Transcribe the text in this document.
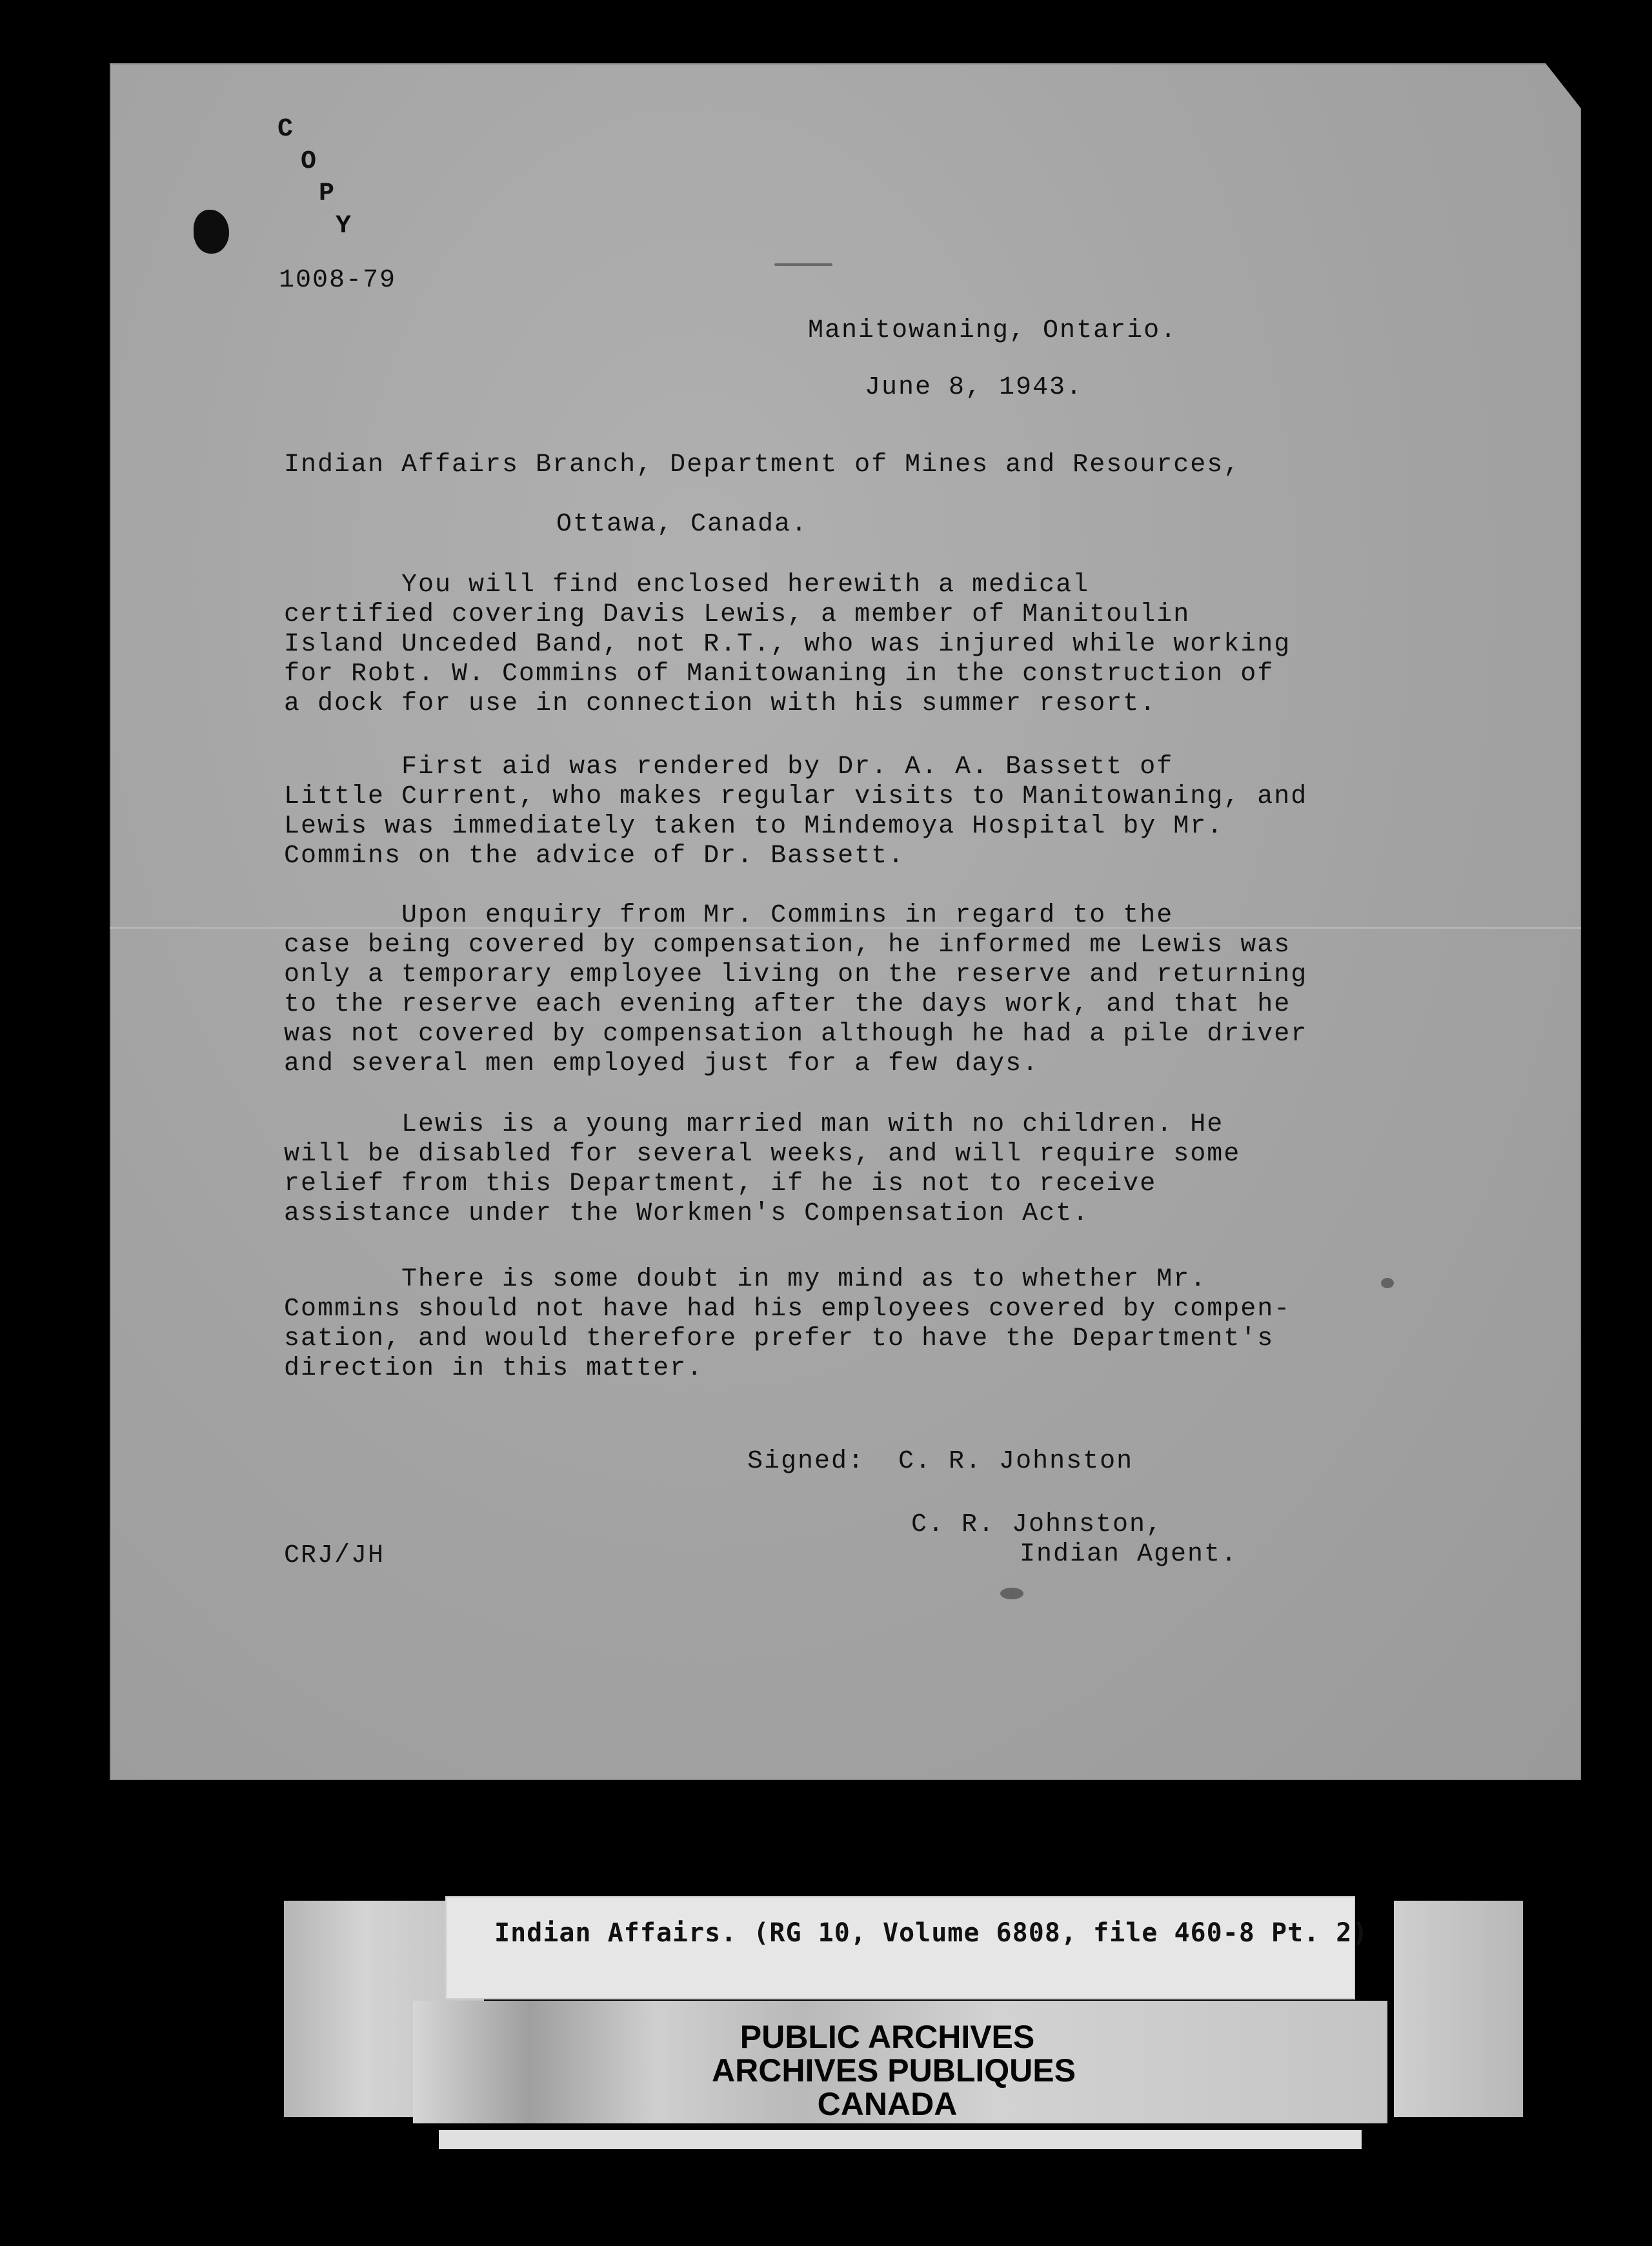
C

O

P

Y

1008-79

Manitowaning, Ontario.

June 8, 1943.

Indian Affairs Branch, Department of Mines and Resources,

Ottawa, Canada.

You will find enclosed herewith a medical

certified covering Davis Lewis, a member of Manitoulin

Island Unceded Band, not R.T., who was injured while working

for Robt. W. Commins of Manitowaning in the construction of

a dock for use in connection with his summer resort.

First aid was rendered by Dr. A. A. Bassett of

Little Current, who makes regular visits to Manitowaning, and

Lewis was immediately taken to Mindemoya Hospital by Mr.

Commins on the advice of Dr. Bassett.

Upon enquiry from Mr. Commins in regard to the

case being covered by compensation, he informed me Lewis was

only a temporary employee living on the reserve and returning

to the reserve each evening after the days work, and that he

was not covered by compensation although he had a pile driver

and several men employed just for a few days.

Lewis is a young married man with no children. He

will be disabled for several weeks, and will require some

relief from this Department, if he is not to receive

assistance under the Workmen's Compensation Act.

There is some doubt in my mind as to whether Mr.

Commins should not have had his employees covered by compen-

sation, and would therefore prefer to have the Department's

direction in this matter.

Signed:  C. R. Johnston

C. R. Johnston,

Indian Agent.

CRJ/JH

Indian Affairs. (RG 10, Volume 6808, file 460-8 Pt. 2)
PUBLIC ARCHIVES
ARCHIVES PUBLIQUES
CANADA
